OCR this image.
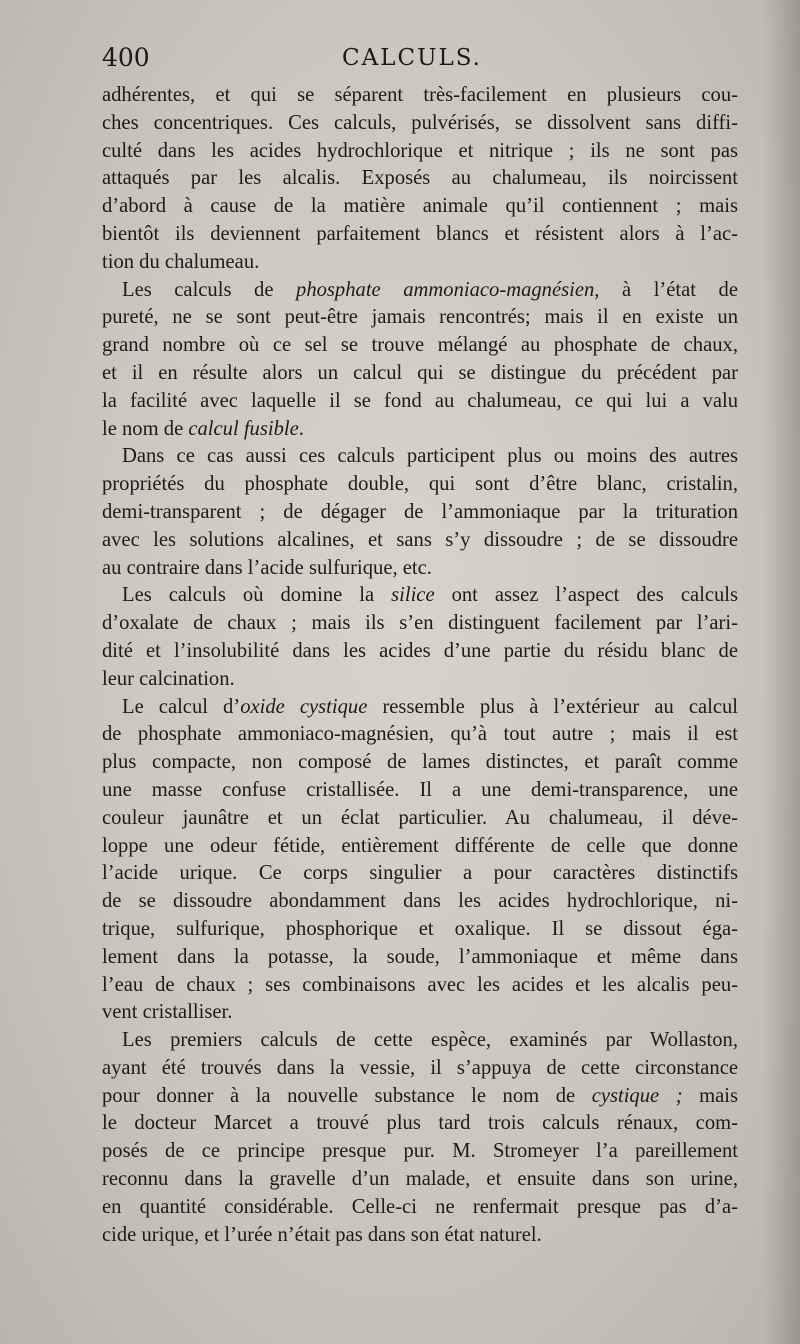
400	CALCULS.
adhérentes, et qui se séparent très-facilement en plusieurs cou-
ches concentriques. Ces calculs, pulvérisés, se dissolvent sans diffi-
culté dans les acides hydrochlorique et nitrique ; ils ne sont pas
attaqués par les alcalis. Exposés au chalumeau, ils noircissent
d’abord à cause de la matière animale qu’il contiennent ; mais
bientôt ils deviennent parfaitement blancs et résistent alors à l’ac-
tion du chalumeau.
Les calculs de phosphate ammoniaco-magnésien, à l’état de
pureté, ne se sont peut-être jamais rencontrés; mais il en existe un
grand nombre où ce sel se trouve mélangé au phosphate de chaux,
et il en résulte alors un calcul qui se distingue du précédent par
la facilité avec laquelle il se fond au chalumeau, ce qui lui a valu
le nom de calcul fusible.
Dans ce cas aussi ces calculs participent plus ou moins des autres
propriétés du phosphate double, qui sont d’être blanc, cristalin,
demi-transparent ; de dégager de l’ammoniaque par la trituration
avec les solutions alcalines, et sans s’y dissoudre ; de se dissoudre
au contraire dans l’acide sulfurique, etc.
Les calculs où domine la silice ont assez l’aspect des calculs
d’oxalate de chaux ; mais ils s’en distinguent facilement par l’ari-
dité et l’insolubilité dans les acides d’une partie du résidu blanc de
leur calcination.
Le calcul d’oxide cystique ressemble plus à l’extérieur au calcul
de phosphate ammoniaco-magnésien, qu’à tout autre ; mais il est
plus compacte, non composé de lames distinctes, et paraît comme
une masse confuse cristallisée. Il a une demi-transparence, une
couleur jaunâtre et un éclat particulier. Au chalumeau, il déve-
loppe une odeur fétide, entièrement différente de celle que donne
l’acide urique. Ce corps singulier a pour caractères distinctifs
de se dissoudre abondamment dans les acides hydrochlorique, ni-
trique, sulfurique, phosphorique et oxalique. Il se dissout éga-
lement dans la potasse, la soude, l’ammoniaque et même dans
l’eau de chaux ; ses combinaisons avec les acides et les alcalis peu-
vent cristalliser.
Les premiers calculs de cette espèce, examinés par Wollaston,
ayant été trouvés dans la vessie, il s’appuya de cette circonstance
pour donner à la nouvelle substance le nom de cystique ; mais
le docteur Marcet a trouvé plus tard trois calculs rénaux, com-
posés de ce principe presque pur. M. Stromeyer l’a pareillement
reconnu dans la gravelle d’un malade, et ensuite dans son urine,
en quantité considérable. Celle-ci ne renfermait presque pas d’a-
cide urique, et l’urée n’était pas dans son état naturel.
